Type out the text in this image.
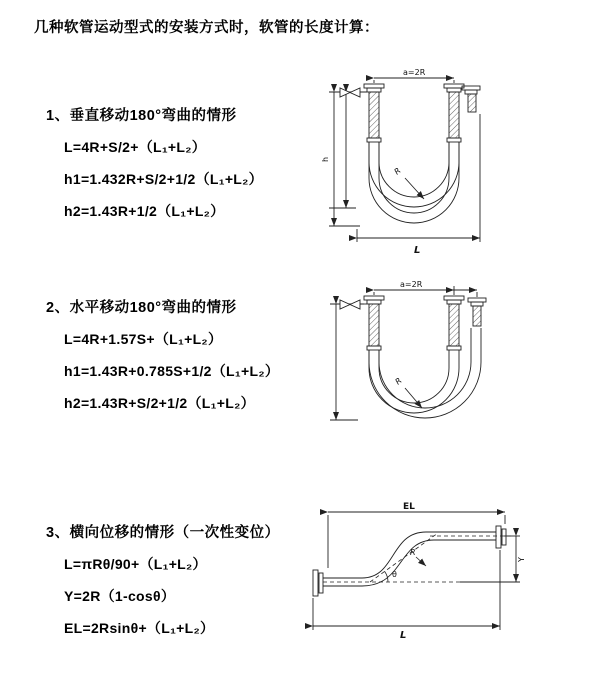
几种软管运动型式的安装方式时，软管的长度计算：
1、垂直移动180°弯曲的情形
L=4R+S/2+（L₁+L₂）
h1=1.432R+S/2+1/2（L₁+L₂）
h2=1.43R+1/2（L₁+L₂）
2、水平移动180°弯曲的情形
L=4R+1.57S+（L₁+L₂）
h1=1.43R+0.785S+1/2（L₁+L₂）
h2=1.43R+S/2+1/2（L₁+L₂）
3、横向位移的情形（一次性变位）
L=πRθ/90+（L₁+L₂）
Y=2R（1-cosθ）
EL=2Rsinθ+（L₁+L₂）
a=2R
R
h
L
a=2R
R
EL
Y
L
R
θ
